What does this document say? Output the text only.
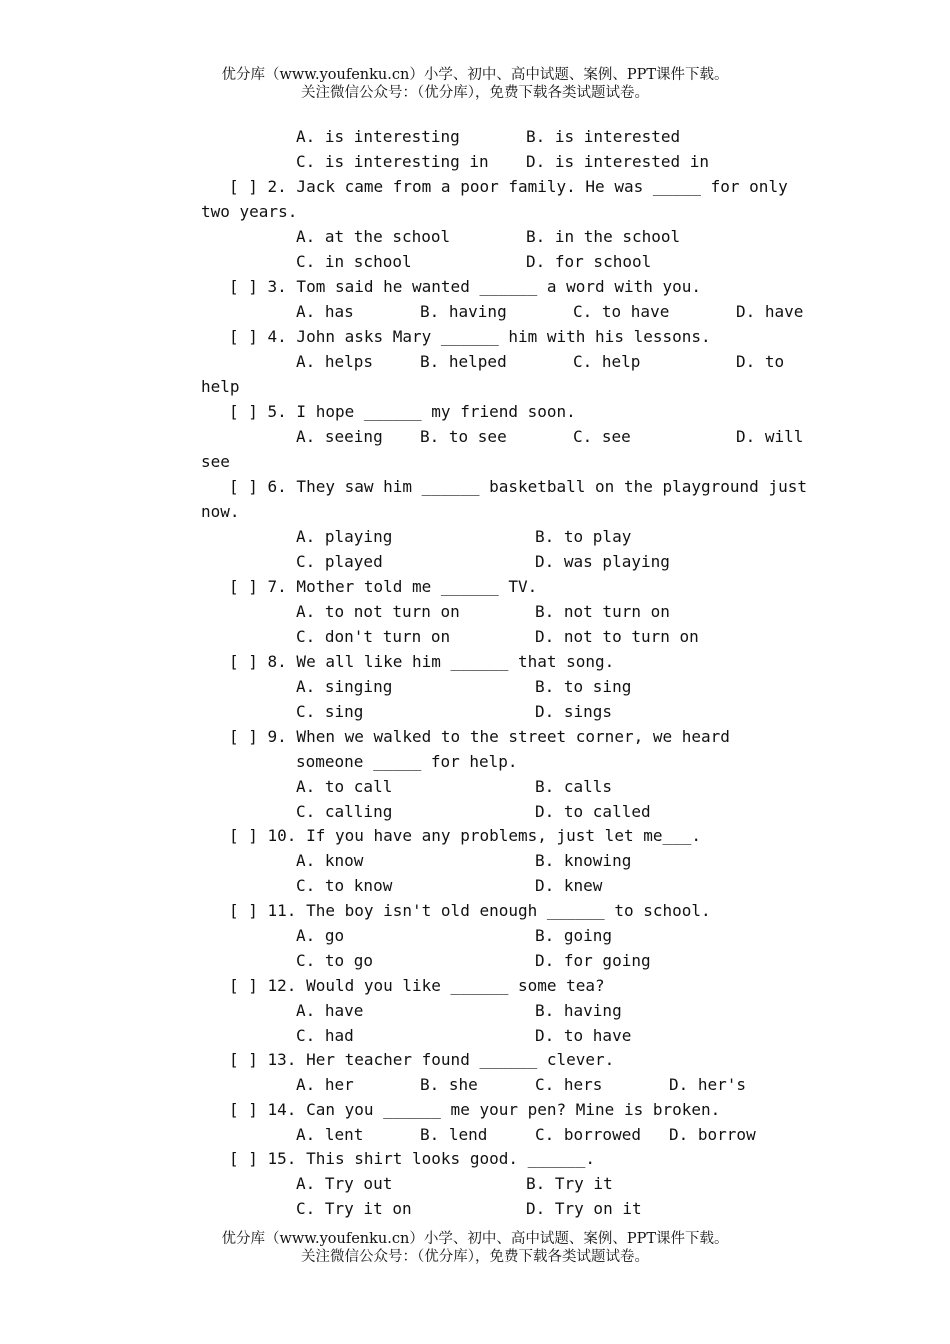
优分库（www.youfenku.cn）小学、初中、高中试题、案例、PPT课件下载。
关注微信公众号：（优分库），免费下载各类试题试卷。
A. is interesting	B. is interested
C. is interesting in D. is interested in
[ ] 2. Jack came from a poor family. He was _____ for only
two years.
A. at the school	B. in the school
C. in school	D. for school
[ ] 3. Tom said he wanted ______ a word with you.
A. has	B. having	C. to have	D. have
[ ] 4. John asks Mary ______ him with his lessons.
A. helps	B. helped	C. help	D. to
help
[ ] 5. I hope ______ my friend soon.
A. seeing B. to see	C. see	D. will
see
[ ] 6. They saw him ______ basketball on the playground just
now.
A. playing	B. to play
C. played	D. was playing
[ ] 7. Mother told me ______ TV.
A. to not turn on	B. not turn on
C. don't turn on	D. not to turn on
[ ] 8. We all like him ______ that song.
A. singing	B. to sing
C. sing	D. sings
[ ] 9. When we walked to the street corner, we heard
someone _____ for help.
A. to call	B. calls
C. calling	D. to called
[ ] 10. If you have any problems, just let me___.
A. know	B. knowing
C. to know	D. knew
[ ] 11. The boy isn't old enough ______ to school.
A. go	B. going
C. to go	D. for going
[ ] 12. Would you like ______ some tea?
A. have	B. having
C. had	D. to have
[ ] 13. Her teacher found ______ clever.
A. her	B. she	C. hers	D. her's
[ ] 14. Can you ______ me your pen? Mine is broken.
A. lent	B. lend	C. borrowed D. borrow
[ ] 15. This shirt looks good. ______.
A. Try out	B. Try it
C. Try it on	D. Try on it
优分库（www.youfenku.cn）小学、初中、高中试题、案例、PPT课件下载。
关注微信公众号：（优分库），免费下载各类试题试卷。
